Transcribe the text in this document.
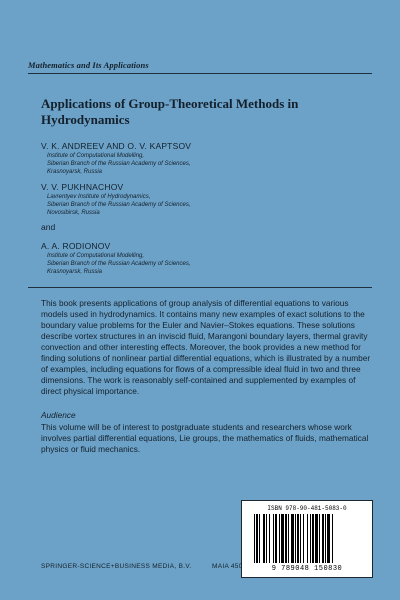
Mathematics and Its Applications
Applications of Group-Theoretical Methods in Hydrodynamics
V. K. ANDREEV AND O. V. KAPTSOV
Institute of Computational Modelling,
Siberian Branch of the Russian Academy of Sciences,
Krasnoyarsk, Russia
V. V. PUKHNACHOV
Lavrentyev Institute of Hydrodynamics,
Siberian Branch of the Russian Academy of Sciences,
Novosibirsk, Russia
and
A. A. RODIONOV
Institute of Computational Modelling,
Siberian Branch of the Russian Academy of Sciences,
Krasnoyarsk, Russia

This book presents applications of group analysis of differential equations to various models used in hydrodynamics. It contains many new examples of exact solutions to the boundary value problems for the Euler and Navier–Stokes equations. These solutions describe vortex structures in an inviscid fluid, Marangoni boundary layers, thermal gravity convection and other interesting effects. Moreover, the book provides a new method for finding solutions of nonlinear partial differential equations, which is illustrated by a number of examples, including equations for flows of a compressible ideal fluid in two and three dimensions. The work is reasonably self-contained and supplemented by examples of direct physical importance.

Audience

This volume will be of interest to postgraduate students and researchers whose work involves partial differential equations, Lie groups, the mathematics of fluids, mathematical physics or fluid mechanics.

ISBN 978-90-481-5083-0
9 789048 150830
SPRINGER-SCIENCE+BUSINESS MEDIA, B.V.	MAIA 450
